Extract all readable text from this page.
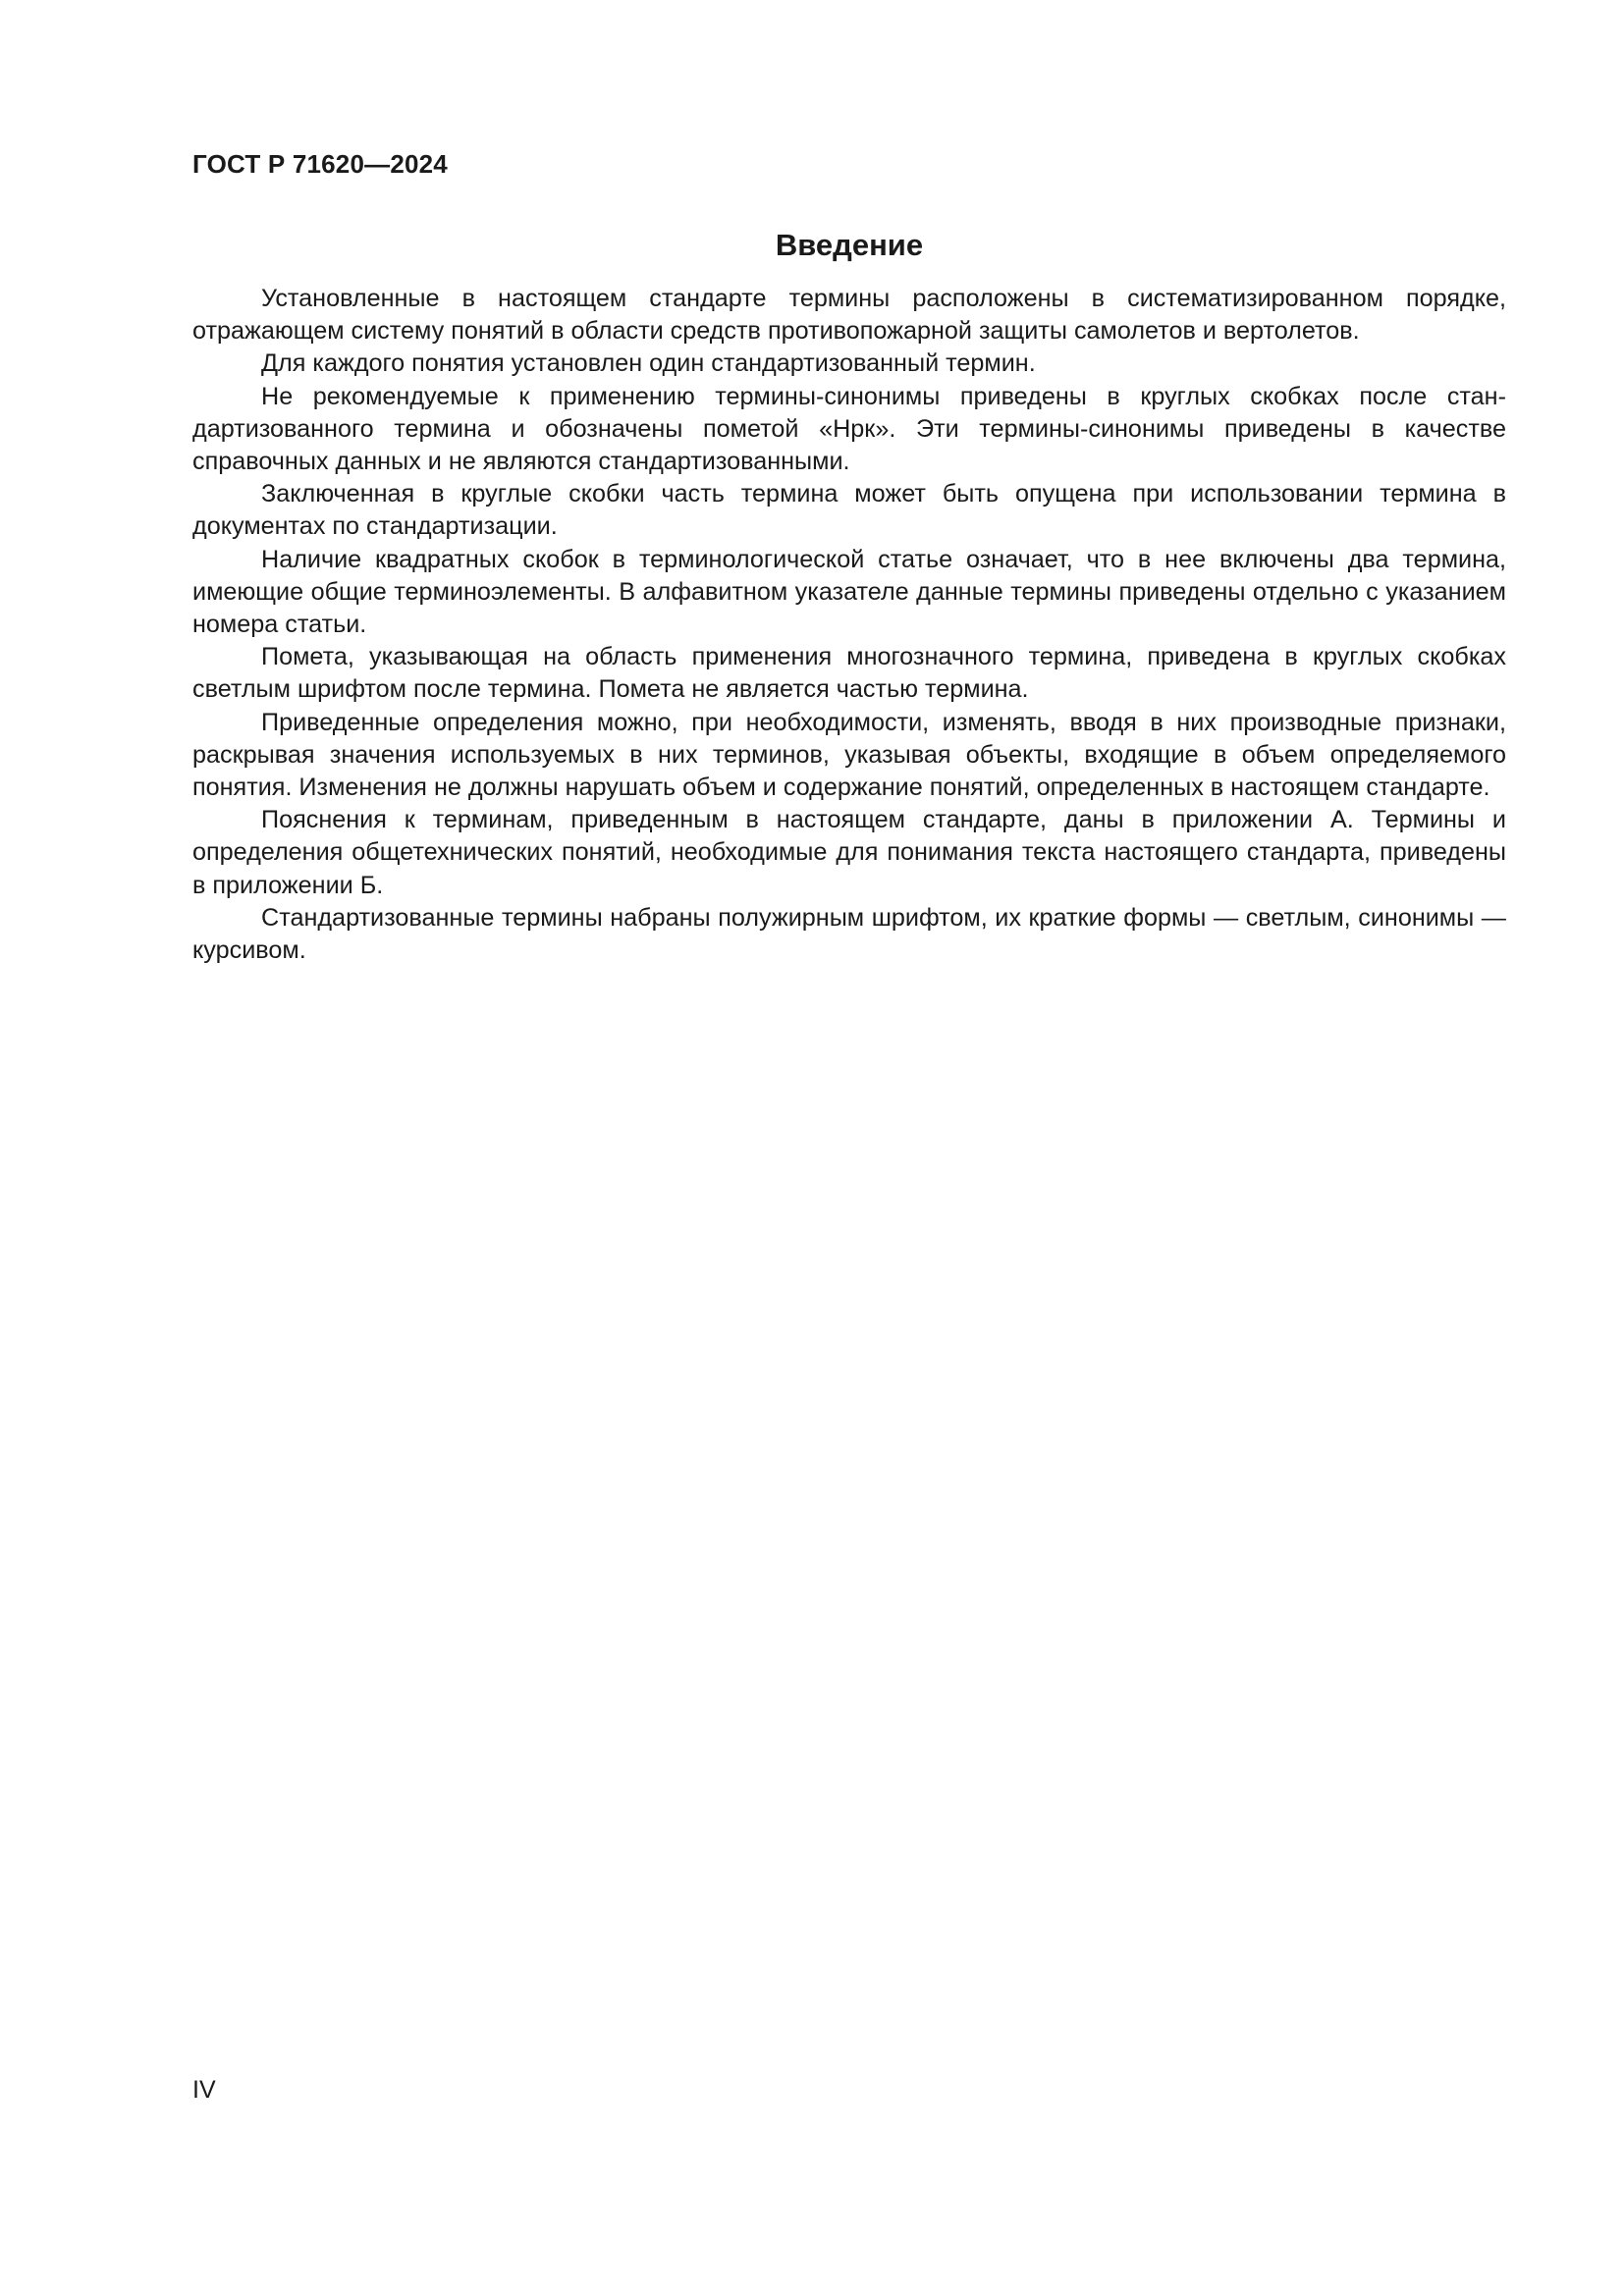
ГОСТ Р 71620—2024
Введение

Установленные в настоящем стандарте термины расположены в систематизированном порядке, отражающем систему понятий в области средств противопожарной защиты самолетов и вертолетов.

Для каждого понятия установлен один стандартизованный термин.

Не рекомендуемые к применению термины-синонимы приведены в круглых скобках после стандартизованного термина и обозначены пометой «Нрк». Эти термины-синонимы приведены в качестве справочных данных и не являются стандартизованными.

Заключенная в круглые скобки часть термина может быть опущена при использовании термина в документах по стандартизации.

Наличие квадратных скобок в терминологической статье означает, что в нее включены два термина, имеющие общие терминоэлементы. В алфавитном указателе данные термины приведены отдельно с указанием номера статьи.

Помета, указывающая на область применения многозначного термина, приведена в круглых скобках светлым шрифтом после термина. Помета не является частью термина.

Приведенные определения можно, при необходимости, изменять, вводя в них производные признаки, раскрывая значения используемых в них терминов, указывая объекты, входящие в объем определяемого понятия. Изменения не должны нарушать объем и содержание понятий, определенных в настоящем стандарте.

Пояснения к терминам, приведенным в настоящем стандарте, даны в приложении А. Термины и определения общетехнических понятий, необходимые для понимания текста настоящего стандарта, приведены в приложении Б.

Стандартизованные термины набраны полужирным шрифтом, их краткие формы — светлым, синонимы — курсивом.

IV
